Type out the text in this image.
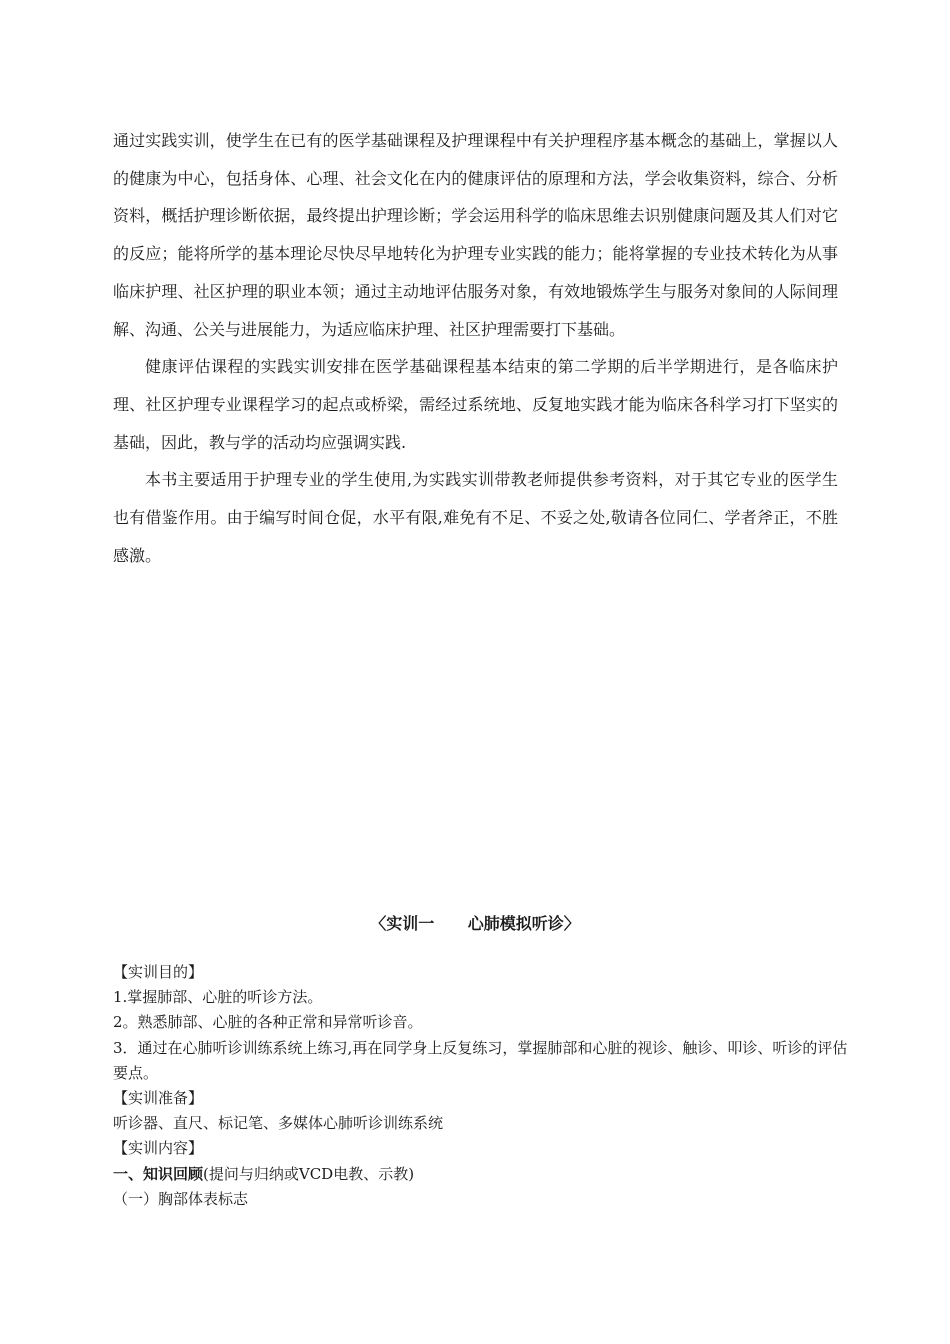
通过实践实训，使学生在已有的医学基础课程及护理课程中有关护理程序基本概念的基础上，掌握以人的健康为中心，包括身体、心理、社会文化在内的健康评估的原理和方法，学会收集资料，综合、分析资料，概括护理诊断依据，最终提出护理诊断；学会运用科学的临床思维去识别健康问题及其人们对它的反应；能将所学的基本理论尽快尽早地转化为护理专业实践的能力；能将掌握的专业技术转化为从事临床护理、社区护理的职业本领；通过主动地评估服务对象，有效地锻炼学生与服务对象间的人际间理解、沟通、公关与进展能力，为适应临床护理、社区护理需要打下基础。

健康评估课程的实践实训安排在医学基础课程基本结束的第二学期的后半学期进行，是各临床护理、社区护理专业课程学习的起点或桥梁，需经过系统地、反复地实践才能为临床各科学习打下坚实的基础，因此，教与学的活动均应强调实践.

本书主要适用于护理专业的学生使用,为实践实训带教老师提供参考资料，对于其它专业的医学生也有借鉴作用。由于编写时间仓促，水平有限,难免有不足、不妥之处,敬请各位同仁、学者斧正，不胜感激。

〈实训一      心肺模拟听诊〉
【实训目的】
1.掌握肺部、心脏的听诊方法。
2。熟悉肺部、心脏的各种正常和异常听诊音。
3．通过在心肺听诊训练系统上练习,再在同学身上反复练习，掌握肺部和心脏的视诊、触诊、叩诊、听诊的评估要点。
【实训准备】
听诊器、直尺、标记笔、多媒体心肺听诊训练系统
【实训内容】
一、知识回顾(提问与归纳或VCD电教、示教)
（一）胸部体表标志
